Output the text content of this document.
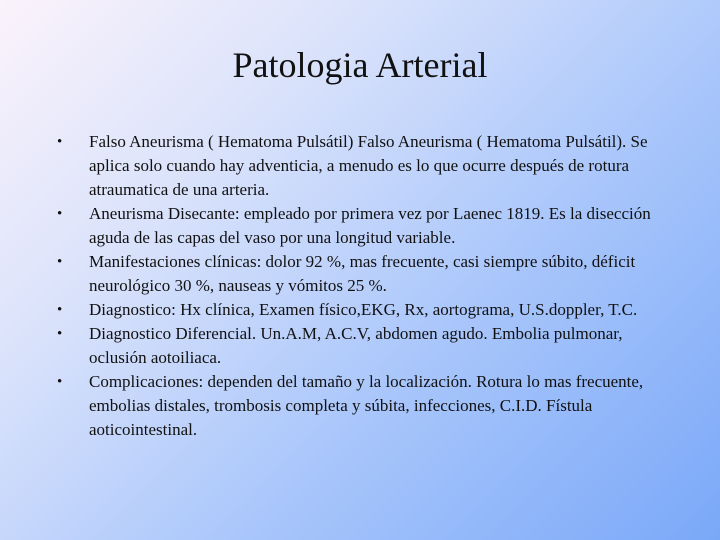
Patologia Arterial
•	Falso Aneurisma ( Hematoma Pulsátil) Falso Aneurisma ( Hematoma Pulsátil). Se aplica solo cuando hay adventicia, a menudo es lo que ocurre después de rotura atraumatica de una arteria.
•	Aneurisma Disecante: empleado por primera vez por Laenec 1819. Es la disección aguda de las capas del vaso por una longitud variable.
•	Manifestaciones clínicas: dolor 92 %, mas frecuente, casi siempre súbito, déficit neurológico 30 %, nauseas y vómitos 25 %.
•	Diagnostico: Hx clínica, Examen físico,EKG, Rx, aortograma, U.S.doppler, T.C.
•	Diagnostico Diferencial. Un.A.M, A.C.V, abdomen agudo. Embolia pulmonar, oclusión aotoiliaca.
•	Complicaciones: dependen del tamaño y la localización. Rotura lo mas frecuente, embolias distales, trombosis completa y súbita, infecciones, C.I.D. Fístula aoticointestinal.
